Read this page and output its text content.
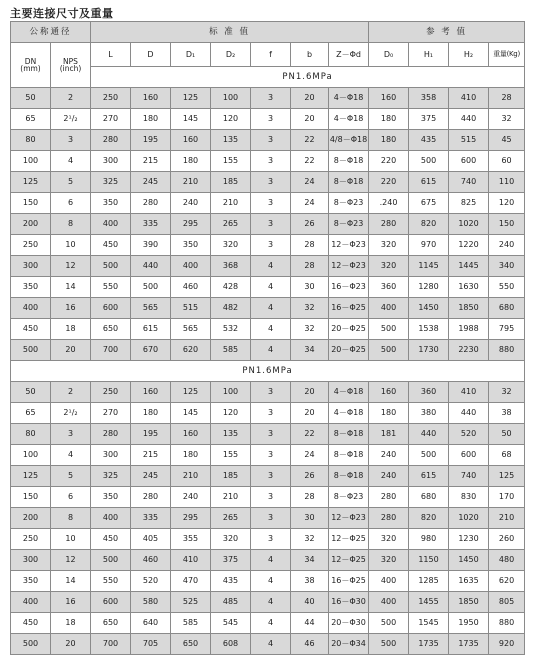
主要连接尺寸及重量
公称通径		标 准 值							参 考 值			
DN
(mm)	NPS
(inch)	L	D	D₁	D₂	f	b	Z－Φd	D₀	H₁	H₂	重量(Kg)
		PN1.6MPa										
50	2	250	160	125	100	3	20	4－Φ18	160	358	410	28
65	2¹/₂	270	180	145	120	3	20	4－Φ18	180	375	440	32
80	3	280	195	160	135	3	22	4/8－Φ18	180	435	515	45
100	4	300	215	180	155	3	22	8－Φ18	220	500	600	60
125	5	325	245	210	185	3	24	8－Φ18	220	615	740	110
150	6	350	280	240	210	3	24	8－Φ23	.240	675	825	120
200	8	400	335	295	265	3	26	8－Φ23	280	820	1020	150
250	10	450	390	350	320	3	28	12－Φ23	320	970	1220	240
300	12	500	440	400	368	4	28	12－Φ23	320	1145	1445	340
350	14	550	500	460	428	4	30	16－Φ23	360	1280	1630	550
400	16	600	565	515	482	4	32	16－Φ25	400	1450	1850	680
450	18	650	615	565	532	4	32	20－Φ25	500	1538	1988	795
500	20	700	670	620	585	4	34	20－Φ25	500	1730	2230	880
PN1.6MPa												
50	2	250	160	125	100	3	20	4－Φ18	160	360	410	32
65	2¹/₂	270	180	145	120	3	20	4－Φ18	180	380	440	38
80	3	280	195	160	135	3	22	8－Φ18	181	440	520	50
100	4	300	215	180	155	3	24	8－Φ18	240	500	600	68
125	5	325	245	210	185	3	26	8－Φ18	240	615	740	125
150	6	350	280	240	210	3	28	8－Φ23	280	680	830	170
200	8	400	335	295	265	3	30	12－Φ23	280	820	1020	210
250	10	450	405	355	320	3	32	12－Φ25	320	980	1230	260
300	12	500	460	410	375	4	34	12－Φ25	320	1150	1450	480
350	14	550	520	470	435	4	38	16－Φ25	400	1285	1635	620
400	16	600	580	525	485	4	40	16－Φ30	400	1455	1850	805
450	18	650	640	585	545	4	44	20－Φ30	500	1545	1950	880
500	20	700	705	650	608	4	46	20－Φ34	500	1735	1735	920
